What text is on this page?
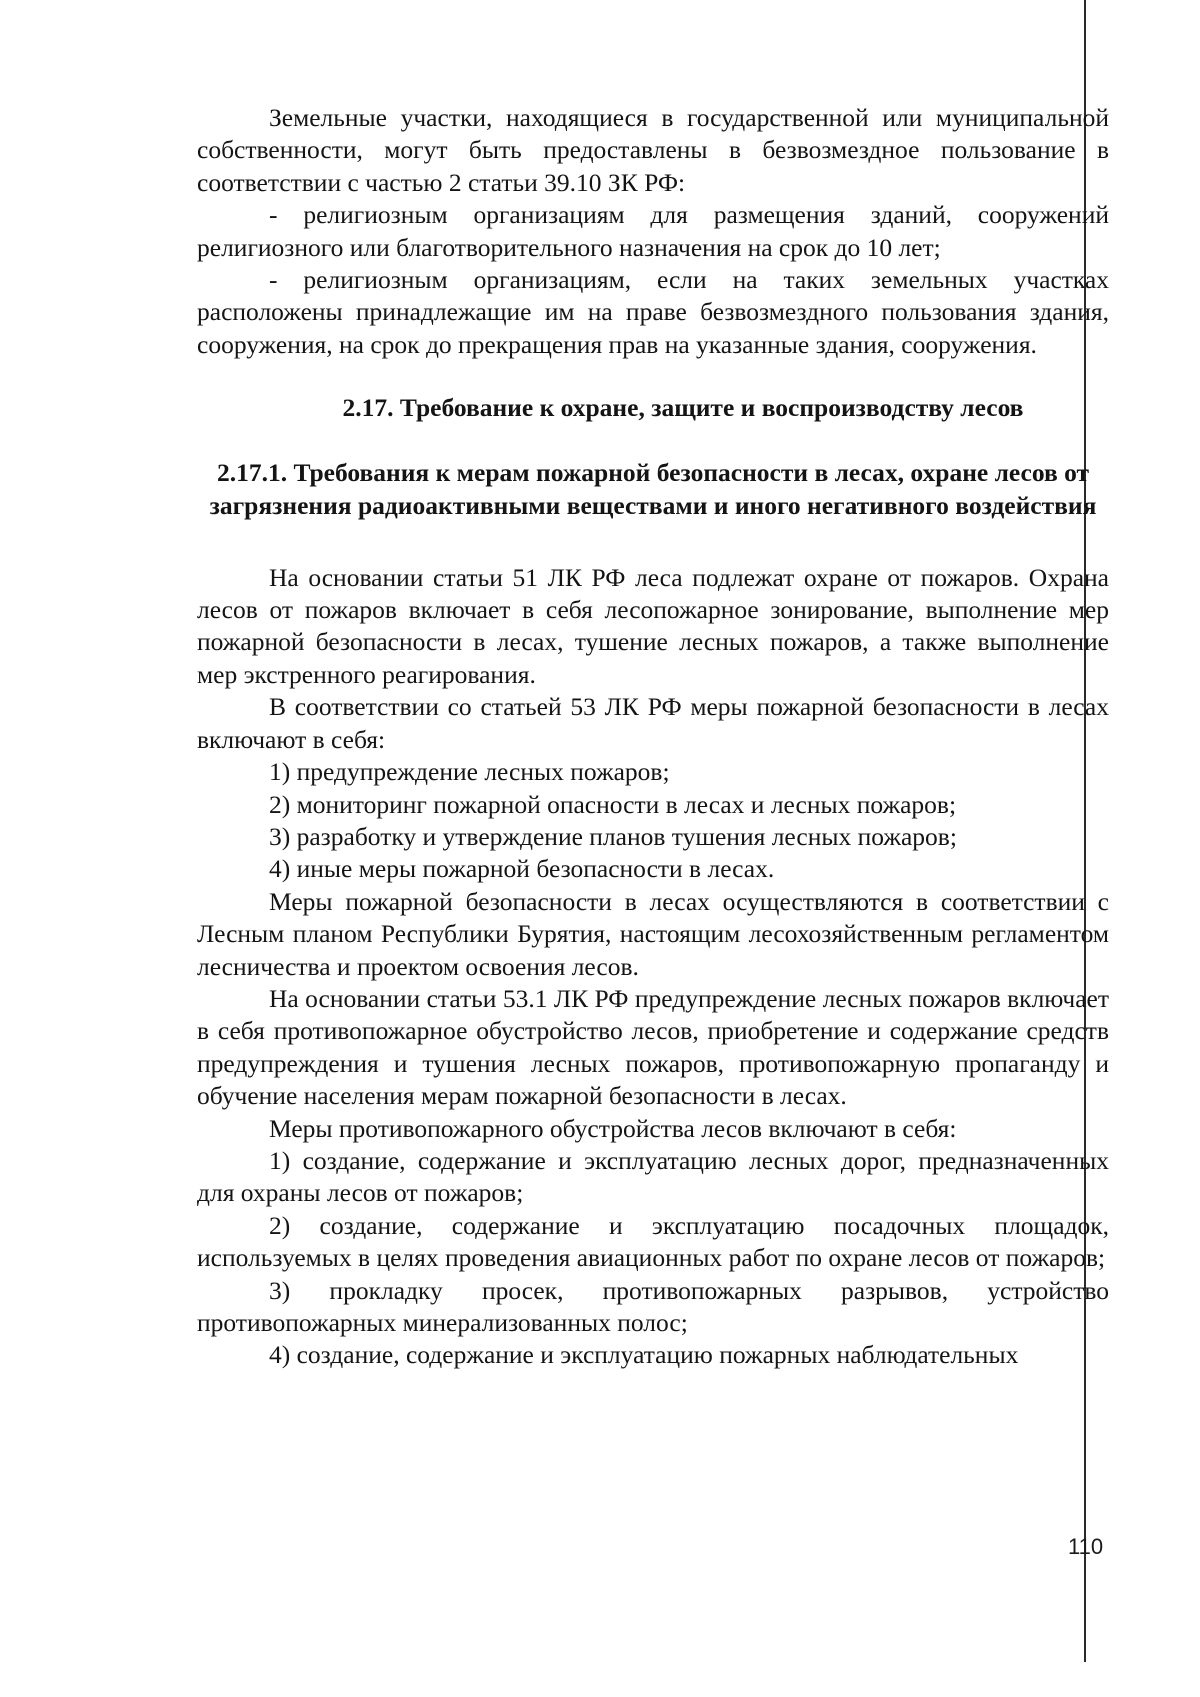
Земельные участки, находящиеся в государственной или муниципальной собственности, могут быть предоставлены в безвозмездное пользование в соответствии с частью 2 статьи 39.10 ЗК РФ:

- религиозным организациям для размещения зданий, сооружений религиозного или благотворительного назначения на срок до 10 лет;

- религиозным организациям, если на таких земельных участках расположены принадлежащие им на праве безвозмездного пользования здания, сооружения, на срок до прекращения прав на указанные здания, сооружения.

2.17. Требование к охране, защите и воспроизводству лесов

2.17.1. Требования к мерам пожарной безопасности в лесах, охране лесов от загрязнения радиоактивными веществами и иного негативного воздействия

На основании статьи 51 ЛК РФ леса подлежат охране от пожаров. Охрана лесов от пожаров включает в себя лесопожарное зонирование, выполнение мер пожарной безопасности в лесах, тушение лесных пожаров, а также выполнение мер экстренного реагирования.

В соответствии со статьей 53 ЛК РФ меры пожарной безопасности в лесах включают в себя:

1) предупреждение лесных пожаров;

2) мониторинг пожарной опасности в лесах и лесных пожаров;

3) разработку и утверждение планов тушения лесных пожаров;

4) иные меры пожарной безопасности в лесах.

Меры пожарной безопасности в лесах осуществляются в соответствии с Лесным планом Республики Бурятия, настоящим лесохозяйственным регламентом лесничества и проектом освоения лесов.

На основании статьи 53.1 ЛК РФ предупреждение лесных пожаров включает в себя противопожарное обустройство лесов, приобретение и содержание средств предупреждения и тушения лесных пожаров, противопожарную пропаганду и обучение населения мерам пожарной безопасности в лесах.

Меры противопожарного обустройства лесов включают в себя:

1) создание, содержание и эксплуатацию лесных дорог, предназначенных для охраны лесов от пожаров;

2) создание, содержание и эксплуатацию посадочных площадок, используемых в целях проведения авиационных работ по охране лесов от пожаров;

3) прокладку просек, противопожарных разрывов, устройство противопожарных минерализованных полос;

4) создание, содержание и эксплуатацию пожарных наблюдательных

110
